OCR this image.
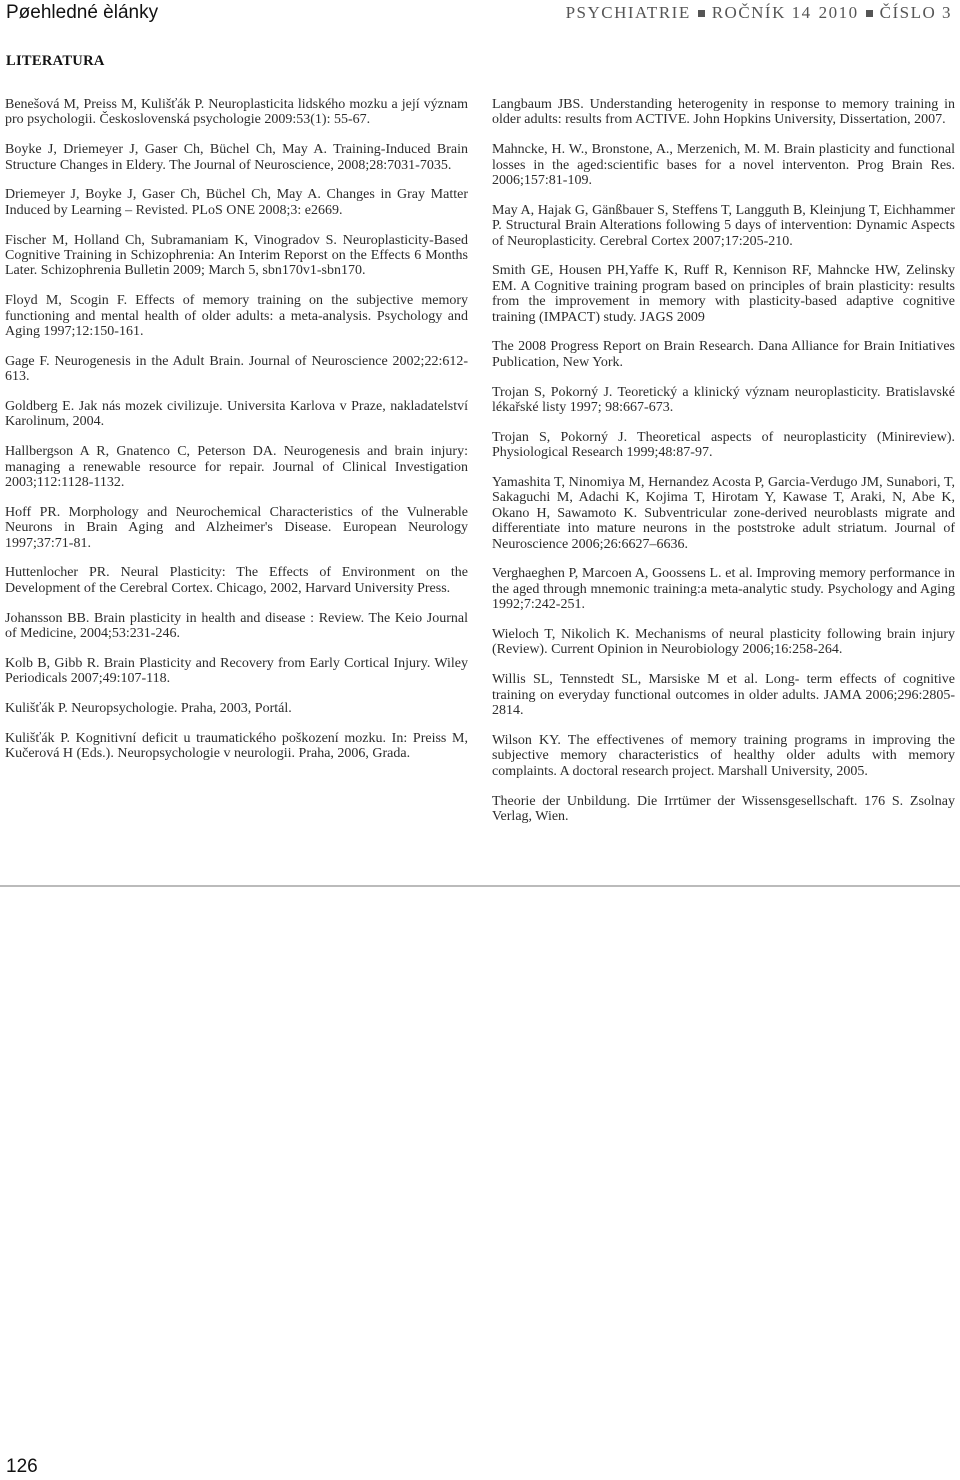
Pøehledné èlánky	PSYCHIATRIE ROČNÍK 14 2010 ČÍSLO 3
LITERATURA

Benešová M, Preiss M, Kulišťák P. Neuroplasticita lidského mozku a její význam pro psychologii. Československá psychologie 2009:53(1): 55-67.

Boyke J, Driemeyer J, Gaser Ch, Büchel Ch, May A. Training-Induced Brain Structure Changes in Eldery. The Journal of Neuroscience, 2008;28:7031-7035.

Driemeyer J, Boyke J, Gaser Ch, Büchel Ch, May A. Changes in Gray Matter Induced by Learning – Revisted. PLoS ONE 2008;3: e2669.

Fischer M, Holland Ch, Subramaniam K, Vinogradov S. Neuroplasticity-Based Cognitive Training in Schizophrenia: An Interim Reporst on the Effects 6 Months Later. Schizophrenia Bulletin 2009; March 5, sbn170v1-sbn170.

Floyd M, Scogin F. Effects of memory training on the subjective memory functioning and mental health of older adults: a meta-analysis. Psychology and Aging 1997;12:150-161.

Gage F. Neurogenesis in the Adult Brain. Journal of Neuroscience 2002;22:612-613.

Goldberg E. Jak nás mozek civilizuje. Universita Karlova v Praze, nakladatelství Karolinum, 2004.

Hallbergson A R, Gnatenco C, Peterson DA. Neurogenesis and brain injury: managing a renewable resource for repair. Journal of Clinical Investigation 2003;112:1128-1132.

Hoff PR. Morphology and Neurochemical Characteristics of the Vulnerable Neurons in Brain Aging and Alzheimer's Disease. European Neurology 1997;37:71-81.

Huttenlocher PR. Neural Plasticity: The Effects of Environment on the Development of the Cerebral Cortex. Chicago, 2002, Harvard University Press.

Johansson BB. Brain plasticity in health and disease : Review. The Keio Journal of Medicine, 2004;53:231-246.

Kolb B, Gibb R. Brain Plasticity and Recovery from Early Cortical Injury. Wiley Periodicals 2007;49:107-118.

Kulišťák P. Neuropsychologie. Praha, 2003, Portál.

Kulišťák P. Kognitivní deficit u traumatického poškození mozku. In: Preiss M, Kučerová H (Eds.). Neuropsychologie v neurologii. Praha, 2006, Grada.

Langbaum JBS. Understanding heterogenity in response to memory training in older adults: results from ACTIVE. John Hopkins University, Dissertation, 2007.

Mahncke, H. W., Bronstone, A., Merzenich, M. M. Brain plasticity and functional losses in the aged:scientific bases for a novel interventon. Prog Brain Res. 2006;157:81-109.

May A, Hajak G, Gänßbauer S, Steffens T, Langguth B, Kleinjung T, Eichhammer P. Structural Brain Alterations following 5 days of intervention: Dynamic Aspects of Neuroplasticity. Cerebral Cortex 2007;17:205-210.

Smith GE, Housen PH,Yaffe K, Ruff R, Kennison RF, Mahncke HW, Zelinsky EM. A Cognitive training program based on principles of brain plasticity: results from the improvement in memory with plasticity-based adaptive cognitive training (IMPACT) study. JAGS 2009

The 2008 Progress Report on Brain Research. Dana Alliance for Brain Initiatives Publication, New York.

Trojan S, Pokorný J. Teoretický a klinický význam neuroplasticity. Bratislavské lékařské listy 1997; 98:667-673.

Trojan S, Pokorný J. Theoretical aspects of neuroplasticity (Minireview). Physiological Research 1999;48:87-97.

Yamashita T, Ninomiya M, Hernandez Acosta P, Garcia-Verdugo JM, Sunabori, T, Sakaguchi M, Adachi K, Kojima T, Hirotam Y, Kawase T, Araki, N, Abe K, Okano H, Sawamoto K. Subventricular zone-derived neuroblasts migrate and differentiate into mature neurons in the poststroke adult striatum. Journal of Neuroscience 2006;26:6627–6636.

Verghaeghen P, Marcoen A, Goossens L. et al. Improving memory performance in the aged through mnemonic training:a meta-analytic study. Psychology and Aging 1992;7:242-251.

Wieloch T, Nikolich K. Mechanisms of neural plasticity following brain injury (Review). Current Opinion in Neurobiology 2006;16:258-264.

Willis SL, Tennstedt SL, Marsiske M et al. Long- term effects of cognitive training on everyday functional outcomes in older adults. JAMA 2006;296:2805-2814.

Wilson KY. The effectivenes of memory training programs in improving the subjective memory characteristics of healthy older adults with memory complaints. A doctoral research project. Marshall University, 2005.

Theorie der Unbildung. Die Irrtümer der Wissensgesellschaft. 176 S. Zsolnay Verlag, Wien.

126
